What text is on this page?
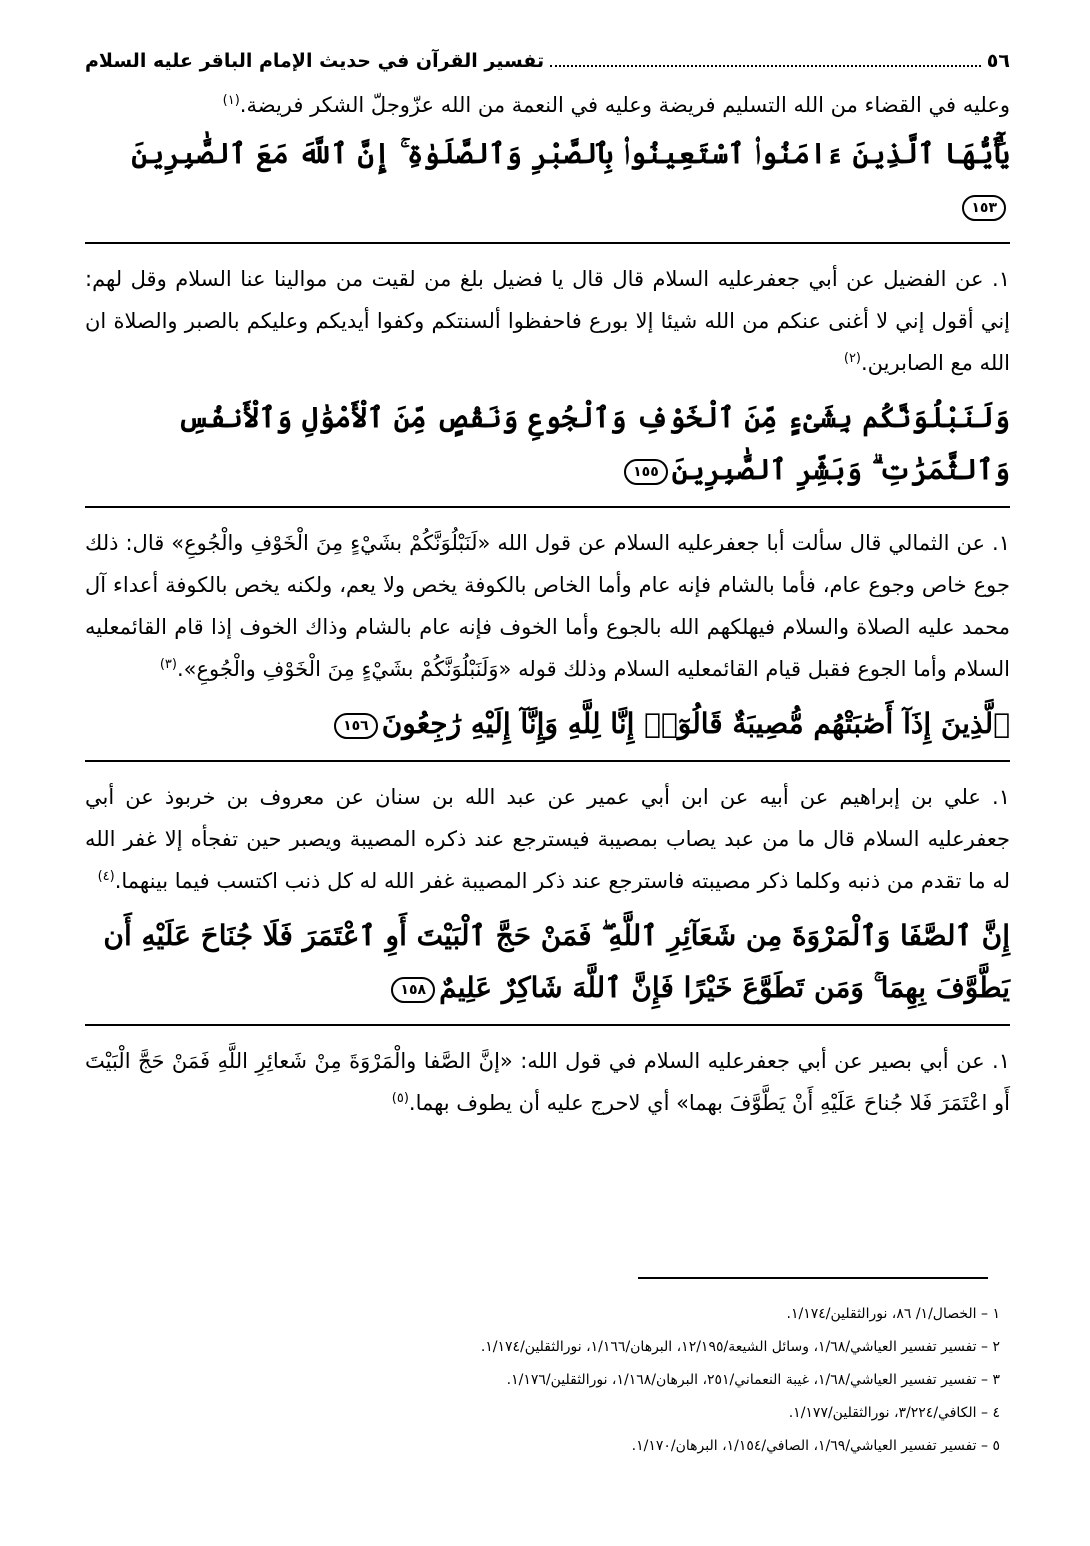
٥٦
تفسير القرآن في حديث الإمام الباقر عليه السلام
وعليه في القضاء من الله التسليم فريضة وعليه في النعمة من الله عزّوجلّ الشكر فريضة.$^{(١)}$
يَٰٓأَيُّهَا ٱلَّذِينَ ءَامَنُوا۟ ٱسْتَعِينُوا۟ بِٱلصَّبْرِ وَٱلصَّلَوٰةِ ۚ إِنَّ ٱللَّهَ مَعَ ٱلصَّٰبِرِينَ١٥٣
١. عن الفضيل عن أبي جعفرعليه السلام قال قال يا فضيل بلغ من لقيت من موالينا عنا السلام وقل لهم: إني أقول إني لا أغنى عنكم من الله شيئا إلا بورع فاحفظوا ألسنتكم وكفوا أيديكم وعليكم بالصبر والصلاة ان الله مع الصابرين.$^{(٢)}$
وَلَنَبْلُوَنَّكُم بِشَىْءٍ مِّنَ ٱلْخَوْفِ وَٱلْجُوعِ وَنَقْصٍ مِّنَ ٱلْأَمْوَٰلِ وَٱلْأَنفُسِ وَٱلثَّمَرَٰتِ ۗ وَبَشِّرِ ٱلصَّٰبِرِينَ١٥٥
١. عن الثمالي قال سألت أبا جعفرعليه السلام عن قول الله «لَنَبْلُوَنَّكُمْ بشَيْءٍ مِنَ الْخَوْفِ والْجُوعِ» قال: ذلك جوع خاص وجوع عام، فأما بالشام فإنه عام وأما الخاص بالكوفة يخص ولا يعم، ولكنه يخص بالكوفة أعداء آل محمد عليه الصلاة والسلام فيهلكهم الله بالجوع وأما الخوف فإنه عام بالشام وذاك الخوف إذا قام القائمعليه السلام وأما الجوع فقبل قيام القائمعليه السلام وذلك قوله «وَلَنَبْلُوَنَّكُمْ بشَيْءٍ مِنَ الْخَوْفِ والْجُوعِ».$^{(٣)}$
ٱلَّذِينَ إِذَآ أَصَٰبَتْهُم مُّصِيبَةٌ قَالُوٓا۟ إِنَّا لِلَّهِ وَإِنَّآ إِلَيْهِ رَٰجِعُونَ١٥٦
١. علي بن إبراهيم عن أبيه عن ابن أبي عمير عن عبد الله بن سنان عن معروف بن خربوذ عن أبي جعفرعليه السلام قال ما من عبد يصاب بمصيبة فيسترجع عند ذكره المصيبة ويصبر حين تفجأه إلا غفر الله له ما تقدم من ذنبه وكلما ذكر مصيبته فاسترجع عند ذكر المصيبة غفر الله له كل ذنب اكتسب فيما بينهما.$^{(٤)}$
إِنَّ ٱلصَّفَا وَٱلْمَرْوَةَ مِن شَعَآئِرِ ٱللَّهِ ۖ فَمَنْ حَجَّ ٱلْبَيْتَ أَوِ ٱعْتَمَرَ فَلَا جُنَاحَ عَلَيْهِ أَن يَطَّوَّفَ بِهِمَا ۚ وَمَن تَطَوَّعَ خَيْرًا فَإِنَّ ٱللَّهَ شَاكِرٌ عَلِيمٌ١٥٨
١. عن أبي بصير عن أبي جعفرعليه السلام في قول الله: «إنَّ الصَّفا والْمَرْوَةَ مِنْ شَعائِرِ اللَّهِ فَمَنْ حَجَّ الْبَيْتَ أَو اعْتَمَرَ فَلا جُناحَ عَلَيْهِ أَنْ يَطَّوَّفَ بهما» أي لاحرج عليه أن يطوف بهما.$^{(٥)}$
١ – الخصال/١/ ٨٦، نورالثقلين/١/١٧٤.
٢ – تفسير تفسير العياشي/١/٦٨، وسائل الشيعة/١٢/١٩٥، البرهان/١/١٦٦، نورالثقلين/١/١٧٤.
٣ – تفسير تفسير العياشي/١/٦٨، غيبة النعماني/٢٥١، البرهان/١/١٦٨، نورالثقلين/١/١٧٦.
٤ – الكافي/٣/٢٢٤، نورالثقلين/١/١٧٧.
٥ – تفسير تفسير العياشي/١/٦٩، الصافي/١/١٥٤، البرهان/١/١٧٠.
